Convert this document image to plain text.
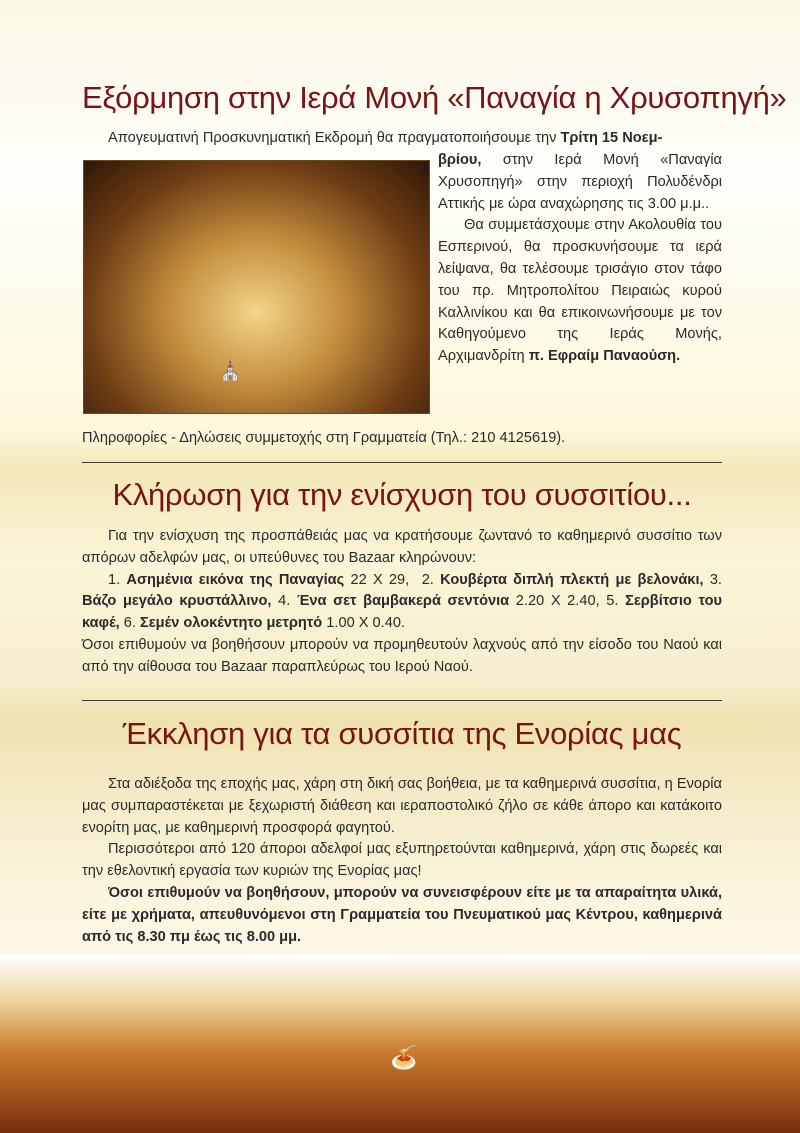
Εξόρμηση στην Ιερά Μονή «Παναγία η Χρυσοπηγή»

Απογευματινή Προσκυνηματική Εκδρομή θα πραγματοποιήσουμε την Τρίτη 15 Νοεμ-

⛪

βρίου, στην Ιερά Μονή «Παναγία Χρυσοπηγή» στην περιοχή Πολυδένδρι Αττικής με ώρα αναχώρησης τις 3.00 μ.μ..

Θα συμμετάσχουμε στην Ακολουθία του Εσπερινού, θα προσκυνήσουμε τα ιερά λείψανα, θα τελέσουμε τρισάγιο στον τάφο του πρ. Μητροπολίτου Πειραιώς κυρού Καλλινίκου και θα επικοινωνήσουμε με τον Καθηγούμενο της Ιεράς Μονής, Αρχιμανδρίτη π. Εφραίμ Παναούση.

Πληροφορίες - Δηλώσεις συμμετοχής στη Γραμματεία (Τηλ.: 210 4125619).

Κλήρωση για την ενίσχυση του συσσιτίου...

Για την ενίσχυση της προσπάθειάς μας να κρατήσουμε ζωντανό το καθημερινό συσσίτιο των απόρων αδελφών μας, οι υπεύθυνες του Bazaar κληρώνουν:

1. Ασημένια εικόνα της Παναγίας 22 Χ 29, 2. Κουβέρτα διπλή πλεκτή με βελονάκι, 3. Βάζο μεγάλο κρυστάλλινο, 4. Ένα σετ βαμβακερά σεντόνια 2.20 Χ 2.40, 5. Σερβίτσιο του καφέ, 6. Σεμέν ολοκέντητο μετρητό 1.00 Χ 0.40.

Όσοι επιθυμούν να βοηθήσουν μπορούν να προμηθευτούν λαχνούς από την είσοδο του Ναού και από την αίθουσα του Bazaar παραπλεύρως του Ιερού Ναού.

Έκκληση για τα συσσίτια της Ενορίας μας

Στα αδιέξοδα της εποχής μας, χάρη στη δική σας βοήθεια, με τα καθημερινά συσσίτια, η Ενορία μας συμπαραστέκεται με ξεχωριστή διάθεση και ιεραποστολικό ζήλο σε κάθε άπορο και κατάκοιτο ενορίτη μας, με καθημερινή προσφορά φαγητού.

Περισσότεροι από 120 άποροι αδελφοί μας εξυπηρετούνται καθημερινά, χάρη στις δωρεές και την εθελοντική εργασία των κυριών της Ενορίας μας!

Όσοι επιθυμούν να βοηθήσουν, μπορούν να συνεισφέρουν είτε με τα απαραίτητα υλικά, είτε με χρήματα, απευθυνόμενοι στη Γραμματεία του Πνευματικού μας Κέντρου, καθημερινά από τις 8.30 πμ έως τις 8.00 μμ.

🍝
